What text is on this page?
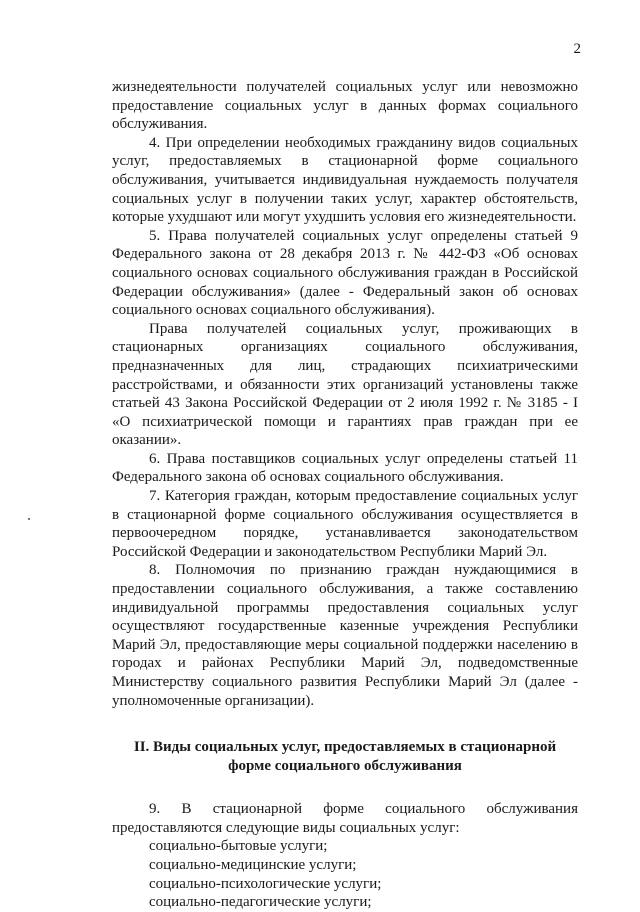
2

жизнедеятельности получателей социальных услуг или невозможно предоставление социальных услуг в данных формах социального обслуживания.

4. При определении необходимых гражданину видов социальных услуг, предоставляемых в стационарной форме социального обслуживания, учитывается индивидуальная нуждаемость получателя социальных услуг в получении таких услуг, характер обстоятельств, которые ухудшают или могут ухудшить условия его жизнедеятельности.

5. Права получателей социальных услуг определены статьей 9 Федерального закона от 28 декабря 2013 г. № 442-ФЗ «Об основах социального основах социального обслуживания граждан в Российской Федерации обслуживания» (далее - Федеральный закон об основах социального основах социального обслуживания).

Права получателей социальных услуг, проживающих в стационарных организациях социального обслуживания, предназначенных для лиц, страдающих психиатрическими расстройствами, и обязанности этих организаций установлены также статьей 43 Закона Российской Федерации от 2 июля 1992 г. № 3185 - I «О психиатрической помощи и гарантиях прав граждан при ее оказании».

6. Права поставщиков социальных услуг определены статьей 11 Федерального закона об основах социального обслуживания.

7. Категория граждан, которым предоставление социальных услуг в стационарной форме социального обслуживания осуществляется в первоочередном порядке, устанавливается законодательством Российской Федерации и законодательством Республики Марий Эл.

8. Полномочия по признанию граждан нуждающимися в предоставлении социального обслуживания, а также составлению индивидуальной программы предоставления социальных услуг осуществляют государственные казенные учреждения Республики Марий Эл, предоставляющие меры социальной поддержки населению в городах и районах Республики Марий Эл, подведомственные Министерству социального развития Республики Марий Эл (далее - уполномоченные организации).

II. Виды социальных услуг, предоставляемых в стационарной
форме социального обслуживания

9. В стационарной форме социального обслуживания предоставляются следующие виды социальных услуг:

социально-бытовые услуги;
социально-медицинские услуги;
социально-психологические услуги;
социально-педагогические услуги;
